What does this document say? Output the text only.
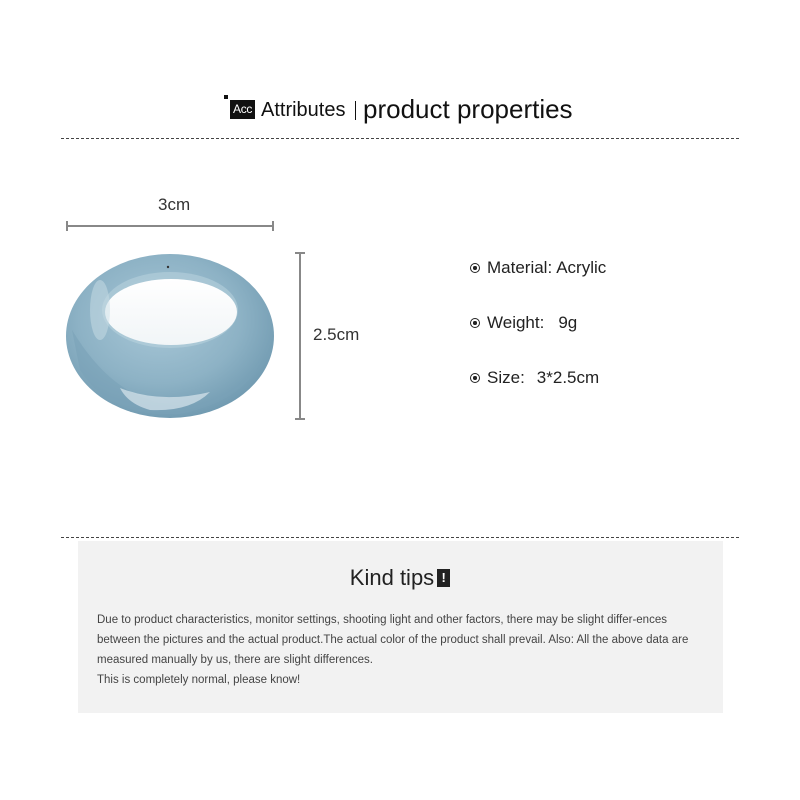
Acc Attributes product properties
3cm
2.5cm
Material: Acrylic
Weight: 9g
Size: 3*2.5cm
Kind tips !

Due to product characteristics, monitor settings, shooting light and other factors, there may be slight differ-ences between the pictures and the actual product.The actual color of the product shall prevail. Also: All the above data are measured manually by us, there are slight differences.

This is completely normal, please know!
